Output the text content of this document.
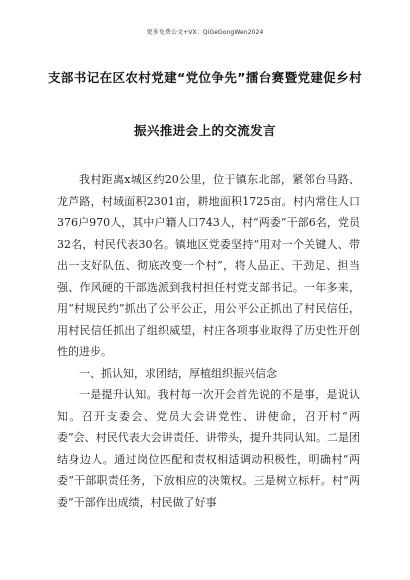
更多免费公文+VX：QiGeGongWen2024
支部书记在区农村党建“党位争先”擂台赛暨党建促乡村
振兴推进会上的交流发言

我村距离x城区约20公里，位于镇东北部，紧邻台马路、龙芦路，村域面积2301亩，耕地面积1725亩。村内常住人口376户970人，其中户籍人口743人，村“两委”干部6名，党员32名，村民代表30名。镇地区党委坚持“用对一个关键人、带出一支好队伍、彻底改变一个村”，将人品正、干劲足、担当强、作风硬的干部选派到我村担任村党支部书记。一年多来，用“村规民约”抓出了公平公正，用公平公正抓出了村民信任，用村民信任抓出了组织威望，村庄各项事业取得了历史性开创性的进步。

一、抓认知，求团结，厚植组织振兴信念

一是提升认知。我村每一次开会首先说的不是事，是说认知。召开支委会、党员大会讲党性、讲使命，召开村“两委”会、村民代表大会讲责任、讲带头，提升共同认知。二是团结身边人。通过岗位匹配和责权相适调动积极性，明确村“两委”干部职责任务，下放相应的决策权。三是树立标杆。村“两委”干部作出成绩，村民做了好事
